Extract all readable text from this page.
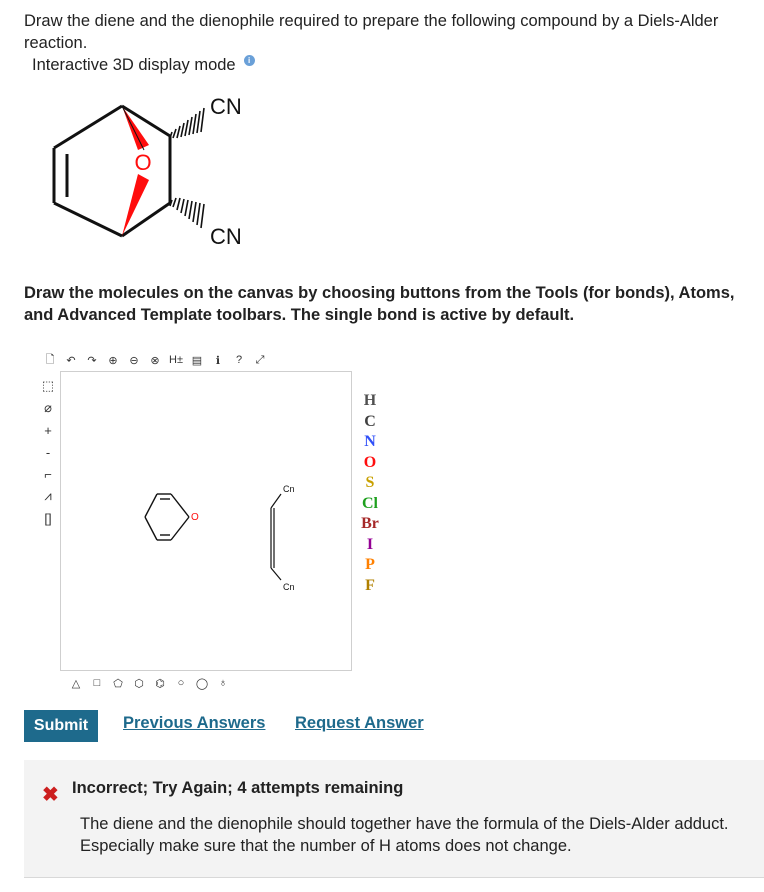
Draw the diene and the dienophile required to prepare the following compound by a Diels-Alder reaction.
Interactive 3D display mode	i
O
CN
CN
Draw the molecules on the canvas by choosing buttons from the Tools (for bonds), Atoms, and Advanced Template toolbars. The single bond is active by default.
🗋	↶	↷	⊕	⊖	⊗ H± ▤	ℹ	?	⤢
⬚
⌀
+
-
⌐
⩘
[]	O
Cn
Cn
H
C
N
O
S
Cl
Br
I
P
F
△	□	⬠ ⬡ ⌬	○	◯ ♁
Submit	Previous Answers Request Answer
✖ Incorrect; Try Again; 4 attempts remaining
The diene and the dienophile should together have the formula of the Diels-Alder adduct. Especially make sure that the number of H atoms does not change.
